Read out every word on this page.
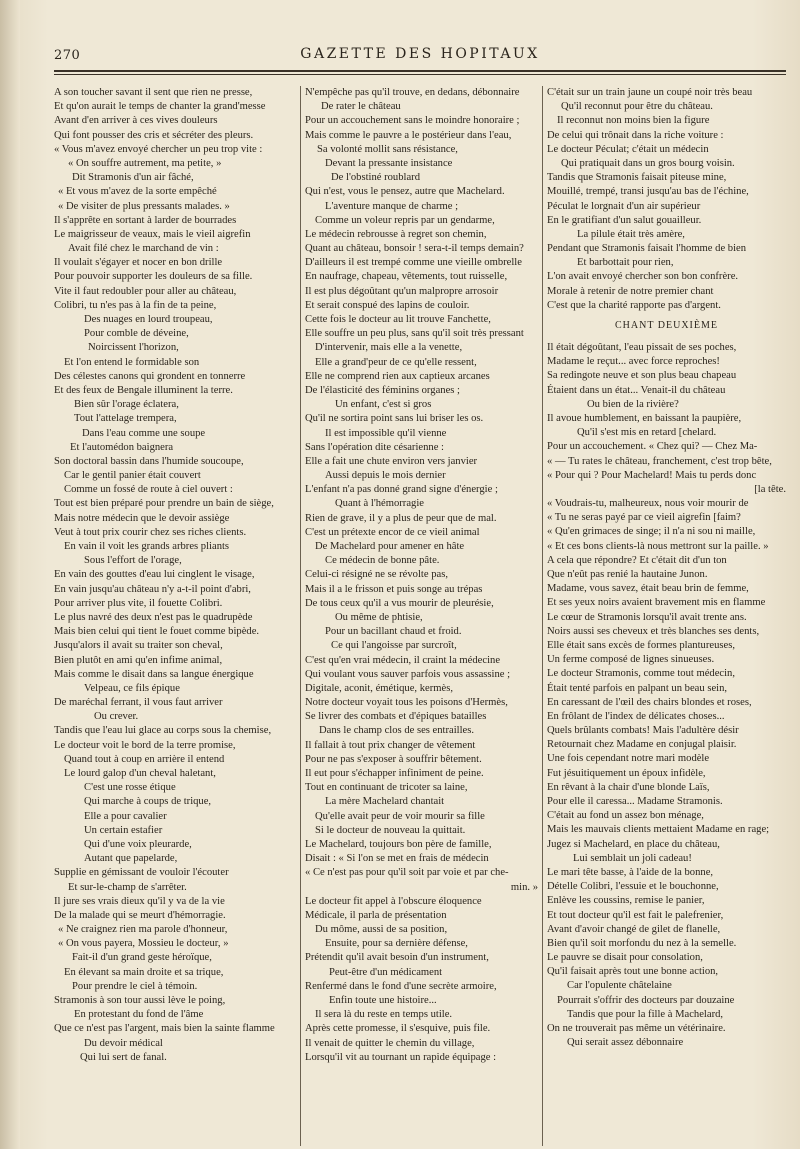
270	GAZETTE DES HOPITAUX
A son toucher savant il sent que rien ne presse,
Et qu'on aurait le temps de chanter la grand'messe
Avant d'en arriver à ces vives douleurs
Qui font pousser des cris et sécréter des pleurs.
« Vous m'avez envoyé chercher un peu trop vite :
« On souffre autrement, ma petite, »
Dit Stramonis d'un air fâché,
« Et vous m'avez de la sorte empêché
« De visiter de plus pressants malades. »
Il s'apprête en sortant à larder de bourrades
Le maigrisseur de veaux, mais le vieil aigrefin
Avait filé chez le marchand de vin :
Il voulait s'égayer et nocer en bon drille
Pour pouvoir supporter les douleurs de sa fille.
Vite il faut redoubler pour aller au château,
Colibri, tu n'es pas à la fin de ta peine,
Des nuages en lourd troupeau,
Pour comble de déveine,
Noircissent l'horizon,
Et l'on entend le formidable son
Des célestes canons qui grondent en tonnerre
Et des feux de Bengale illuminent la terre.
Bien sûr l'orage éclatera,
Tout l'attelage trempera,
Dans l'eau comme une soupe
Et l'automédon baignera
Son doctoral bassin dans l'humide soucoupe,
Car le gentil panier était couvert
Comme un fossé de route à ciel ouvert :
Tout est bien préparé pour prendre un bain de siège,
Mais notre médecin que le devoir assiège
Veut à tout prix courir chez ses riches clients.
En vain il voit les grands arbres pliants
Sous l'effort de l'orage,
En vain des gouttes d'eau lui cinglent le visage,
En vain jusqu'au château n'y a-t-il point d'abri,
Pour arriver plus vite, il fouette Colibri.
Le plus navré des deux n'est pas le quadrupède
Mais bien celui qui tient le fouet comme bipède.
Jusqu'alors il avait su traiter son cheval,
Bien plutôt en ami qu'en infime animal,
Mais comme le disait dans sa langue énergique
Velpeau, ce fils épique
De maréchal ferrant, il vous faut arriver
Ou crever.
Tandis que l'eau lui glace au corps sous la chemise,
Le docteur voit le bord de la terre promise,
Quand tout à coup en arrière il entend
Le lourd galop d'un cheval haletant,
C'est une rosse étique
Qui marche à coups de trique,
Elle a pour cavalier
Un certain estafier
Qui d'une voix pleurarde,
Autant que papelarde,
Supplie en gémissant de vouloir l'écouter
Et sur-le-champ de s'arrêter.
Il jure ses vrais dieux qu'il y va de la vie
De la malade qui se meurt d'hémorragie.
« Ne craignez rien ma parole d'honneur,
« On vous payera, Mossieu le docteur, »
Fait-il d'un grand geste héroïque,
En élevant sa main droite et sa trique,
Pour prendre le ciel à témoin.
Stramonis à son tour aussi lève le poing,
En protestant du fond de l'âme
Que ce n'est pas l'argent, mais bien la sainte flamme
Du devoir médical
Qui lui sert de fanal.
N'empêche pas qu'il trouve, en dedans, débonnaire
De rater le château
Pour un accouchement sans le moindre honoraire ;
Mais comme le pauvre a le postérieur dans l'eau,
Sa volonté mollit sans résistance,
Devant la pressante insistance
De l'obstiné roublard
Qui n'est, vous le pensez, autre que Machelard.
L'aventure manque de charme ;
Comme un voleur repris par un gendarme,
Le médecin rebrousse à regret son chemin,
Quant au château, bonsoir ! sera-t-il temps demain?
D'ailleurs il est trempé comme une vieille ombrelle
En naufrage, chapeau, vêtements, tout ruisselle,
Il est plus dégoûtant qu'un malpropre arrosoir
Et serait conspué des lapins de couloir.
Cette fois le docteur au lit trouve Fanchette,
Elle souffre un peu plus, sans qu'il soit très pressant
D'intervenir, mais elle a la venette,
Elle a grand'peur de ce qu'elle ressent,
Elle ne comprend rien aux captieux arcanes
De l'élasticité des féminins organes ;
Un enfant, c'est si gros
Qu'il ne sortira point sans lui briser les os.
Il est impossible qu'il vienne
Sans l'opération dite césarienne :
Elle a fait une chute environ vers janvier
Aussi depuis le mois dernier
L'enfant n'a pas donné grand signe d'énergie ;
Quant à l'hémorragie
Rien de grave, il y a plus de peur que de mal.
C'est un prétexte encor de ce vieil animal
De Machelard pour amener en hâte
Ce médecin de bonne pâte.
Celui-ci résigné ne se révolte pas,
Mais il a le frisson et puis songe au trépas
De tous ceux qu'il a vus mourir de pleurésie,
Ou même de phtisie,
Pour un bacillant chaud et froid.
Ce qui l'angoisse par surcroît,
C'est qu'en vrai médecin, il craint la médecine
Qui voulant vous sauver parfois vous assassine ;
Digitale, aconit, émétique, kermès,
Notre docteur voyait tous les poisons d'Hermès,
Se livrer des combats et d'épiques batailles
Dans le champ clos de ses entrailles.
Il fallait à tout prix changer de vêtement
Pour ne pas s'exposer à souffrir bêtement.
Il eut pour s'échapper infiniment de peine.
Tout en continuant de tricoter sa laine,
La mère Machelard chantait
Qu'elle avait peur de voir mourir sa fille
Si le docteur de nouveau la quittait.
Le Machelard, toujours bon père de famille,
Disait : « Si l'on se met en frais de médecin
« Ce n'est pas pour qu'il soit par voie et par che-
min. »
Le docteur fit appel à l'obscure éloquence
Médicale, il parla de présentation
Du môme, aussi de sa position,
Ensuite, pour sa dernière défense,
Prétendit qu'il avait besoin d'un instrument,
Peut-être d'un médicament
Renfermé dans le fond d'une secrète armoire,
Enfin toute une histoire...
Il sera là du reste en temps utile.
Après cette promesse, il s'esquive, puis file.
Il venait de quitter le chemin du village,
Lorsqu'il vit au tournant un rapide équipage :
C'était sur un train jaune un coupé noir très beau
Qu'il reconnut pour être du château.
Il reconnut non moins bien la figure
De celui qui trônait dans la riche voiture :
Le docteur Péculat; c'était un médecin
Qui pratiquait dans un gros bourg voisin.
Tandis que Stramonis faisait piteuse mine,
Mouillé, trempé, transi jusqu'au bas de l'échine,
Péculat le lorgnait d'un air supérieur
En le gratifiant d'un salut gouailleur.
La pilule était très amère,
Pendant que Stramonis faisait l'homme de bien
Et barbottait pour rien,
L'on avait envoyé chercher son bon confrère.
Morale à retenir de notre premier chant
C'est que la charité rapporte pas d'argent.
CHANT DEUXIÈME
Il était dégoûtant, l'eau pissait de ses poches,
Madame le reçut... avec force reproches!
Sa redingote neuve et son plus beau chapeau
Étaient dans un état... Venait-il du château
Ou bien de la rivière?
Il avoue humblement, en baissant la paupière,
Qu'il s'est mis en retard [chelard.
Pour un accouchement. « Chez qui? — Chez Ma-
« — Tu rates le château, franchement, c'est trop bête,
« Pour qui ? Pour Machelard! Mais tu perds donc
[la tête.
« Voudrais-tu, malheureux, nous voir mourir de
« Tu ne seras payé par ce vieil aigrefin [faim?
« Qu'en grimaces de singe; il n'a ni sou ni maille,
« Et ces bons clients-là nous mettront sur la paille. »
A cela que répondre? Et c'était dit d'un ton
Que n'eût pas renié la hautaine Junon.
Madame, vous savez, était beau brin de femme,
Et ses yeux noirs avaient bravement mis en flamme
Le cœur de Stramonis lorsqu'il avait trente ans.
Noirs aussi ses cheveux et très blanches ses dents,
Elle était sans excès de formes plantureuses,
Un ferme composé de lignes sinueuses.
Le docteur Stramonis, comme tout médecin,
Était tenté parfois en palpant un beau sein,
En caressant de l'œil des chairs blondes et roses,
En frôlant de l'index de délicates choses...
Quels brûlants combats! Mais l'adultère désir
Retournait chez Madame en conjugal plaisir.
Une fois cependant notre mari modèle
Fut jésuitiquement un époux infidèle,
En rêvant à la chair d'une blonde Laïs,
Pour elle il caressa... Madame Stramonis.
C'était au fond un assez bon ménage,
Mais les mauvais clients mettaient Madame en rage;
Jugez si Machelard, en place du château,
Lui semblait un joli cadeau!
Le mari tête basse, à l'aide de la bonne,
Dételle Colibri, l'essuie et le bouchonne,
Enlève les coussins, remise le panier,
Et tout docteur qu'il est fait le palefrenier,
Avant d'avoir changé de gilet de flanelle,
Bien qu'il soit morfondu du nez à la semelle.
Le pauvre se disait pour consolation,
Qu'il faisait après tout une bonne action,
Car l'opulente châtelaine
Pourrait s'offrir des docteurs par douzaine
Tandis que pour la fille à Machelard,
On ne trouverait pas même un vétérinaire.
Qui serait assez débonnaire
